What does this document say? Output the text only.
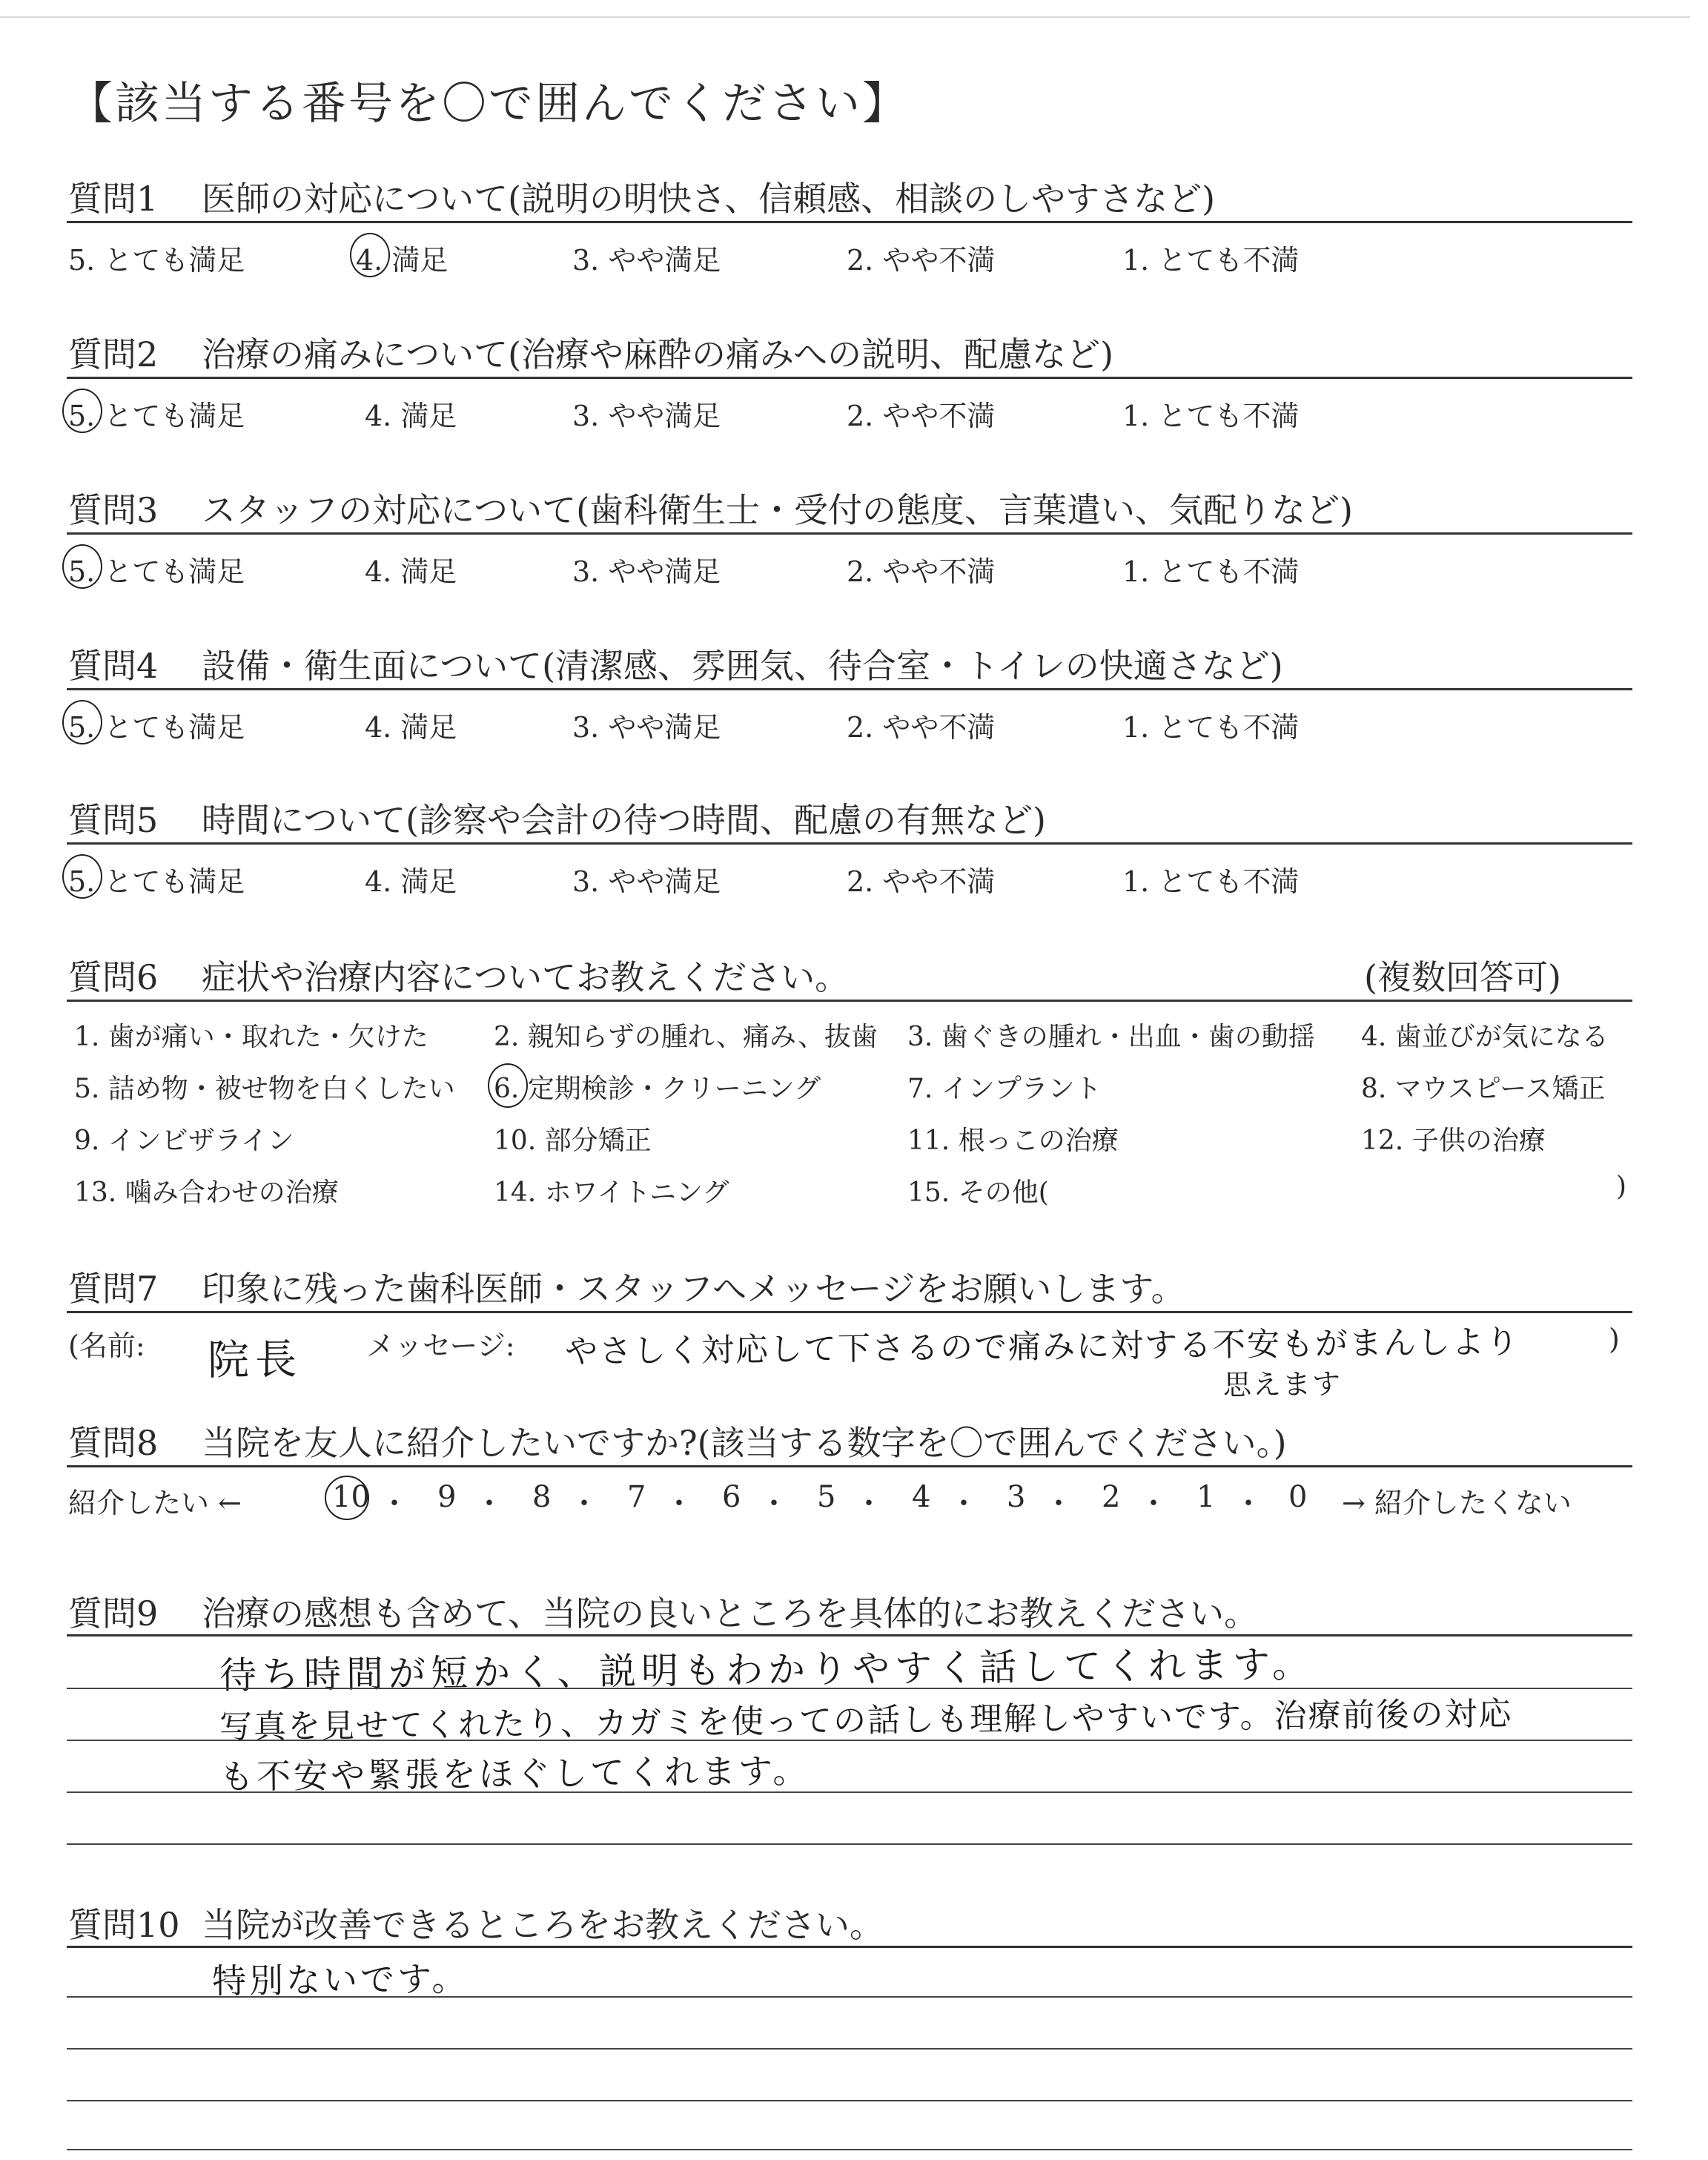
【該当する番号を〇で囲んでください】
質問1 医師の対応について(説明の明快さ、信頼感、相談のしやすさなど)
5. とても満足	4. 満足	3. やや満足	2. やや不満	1. とても不満
質問2 治療の痛みについて(治療や麻酔の痛みへの説明、配慮など)
5. とても満足	4. 満足	3. やや満足	2. やや不満	1. とても不満
質問3 スタッフの対応について(歯科衛生士・受付の態度、言葉遣い、気配りなど)
5. とても満足	4. 満足	3. やや満足	2. やや不満	1. とても不満
質問4 設備・衛生面について(清潔感、雰囲気、待合室・トイレの快適さなど)
5. とても満足	4. 満足	3. やや満足	2. やや不満	1. とても不満
質問5 時間について(診察や会計の待つ時間、配慮の有無など)
5. とても満足	4. 満足	3. やや満足	2. やや不満	1. とても不満
質問6 症状や治療内容についてお教えください。	(複数回答可)
1. 歯が痛い・取れた・欠けた 2. 親知らずの腫れ、痛み、抜歯 3. 歯ぐきの腫れ・出血・歯の動揺 4. 歯並びが気になる
5. 詰め物・被せ物を白くしたい 6. 定期検診・クリーニング	7. インプラント	8. マウスピース矯正
9. インビザライン	10. 部分矯正	11. 根っこの治療	12. 子供の治療
13. 噛み合わせの治療	14. ホワイトニング	15. その他(	)
質問7 印象に残った歯科医師・スタッフへメッセージをお願いします。
(名前: 院長 メッセージ: やさしく対応して下さるので痛みに対する不安もがまんしより
思えます
)
質問8 当院を友人に紹介したいですか?(該当する数字を〇で囲んでください。)
紹介したい ←	10 ・ 9 ・ 8 ・ 7 ・ 6 ・ 5 ・ 4 ・ 3 ・ 2 ・ 1 ・ 0 → 紹介したくない
質問9 治療の感想も含めて、当院の良いところを具体的にお教えください。
待ち時間が短かく、説明もわかりやすく話してくれます。
写真を見せてくれたり、カガミを使っての話しも理解しやすいです。治療前後の対応
も不安や緊張をほぐしてくれます。
質問10 当院が改善できるところをお教えください。
特別ないです。
